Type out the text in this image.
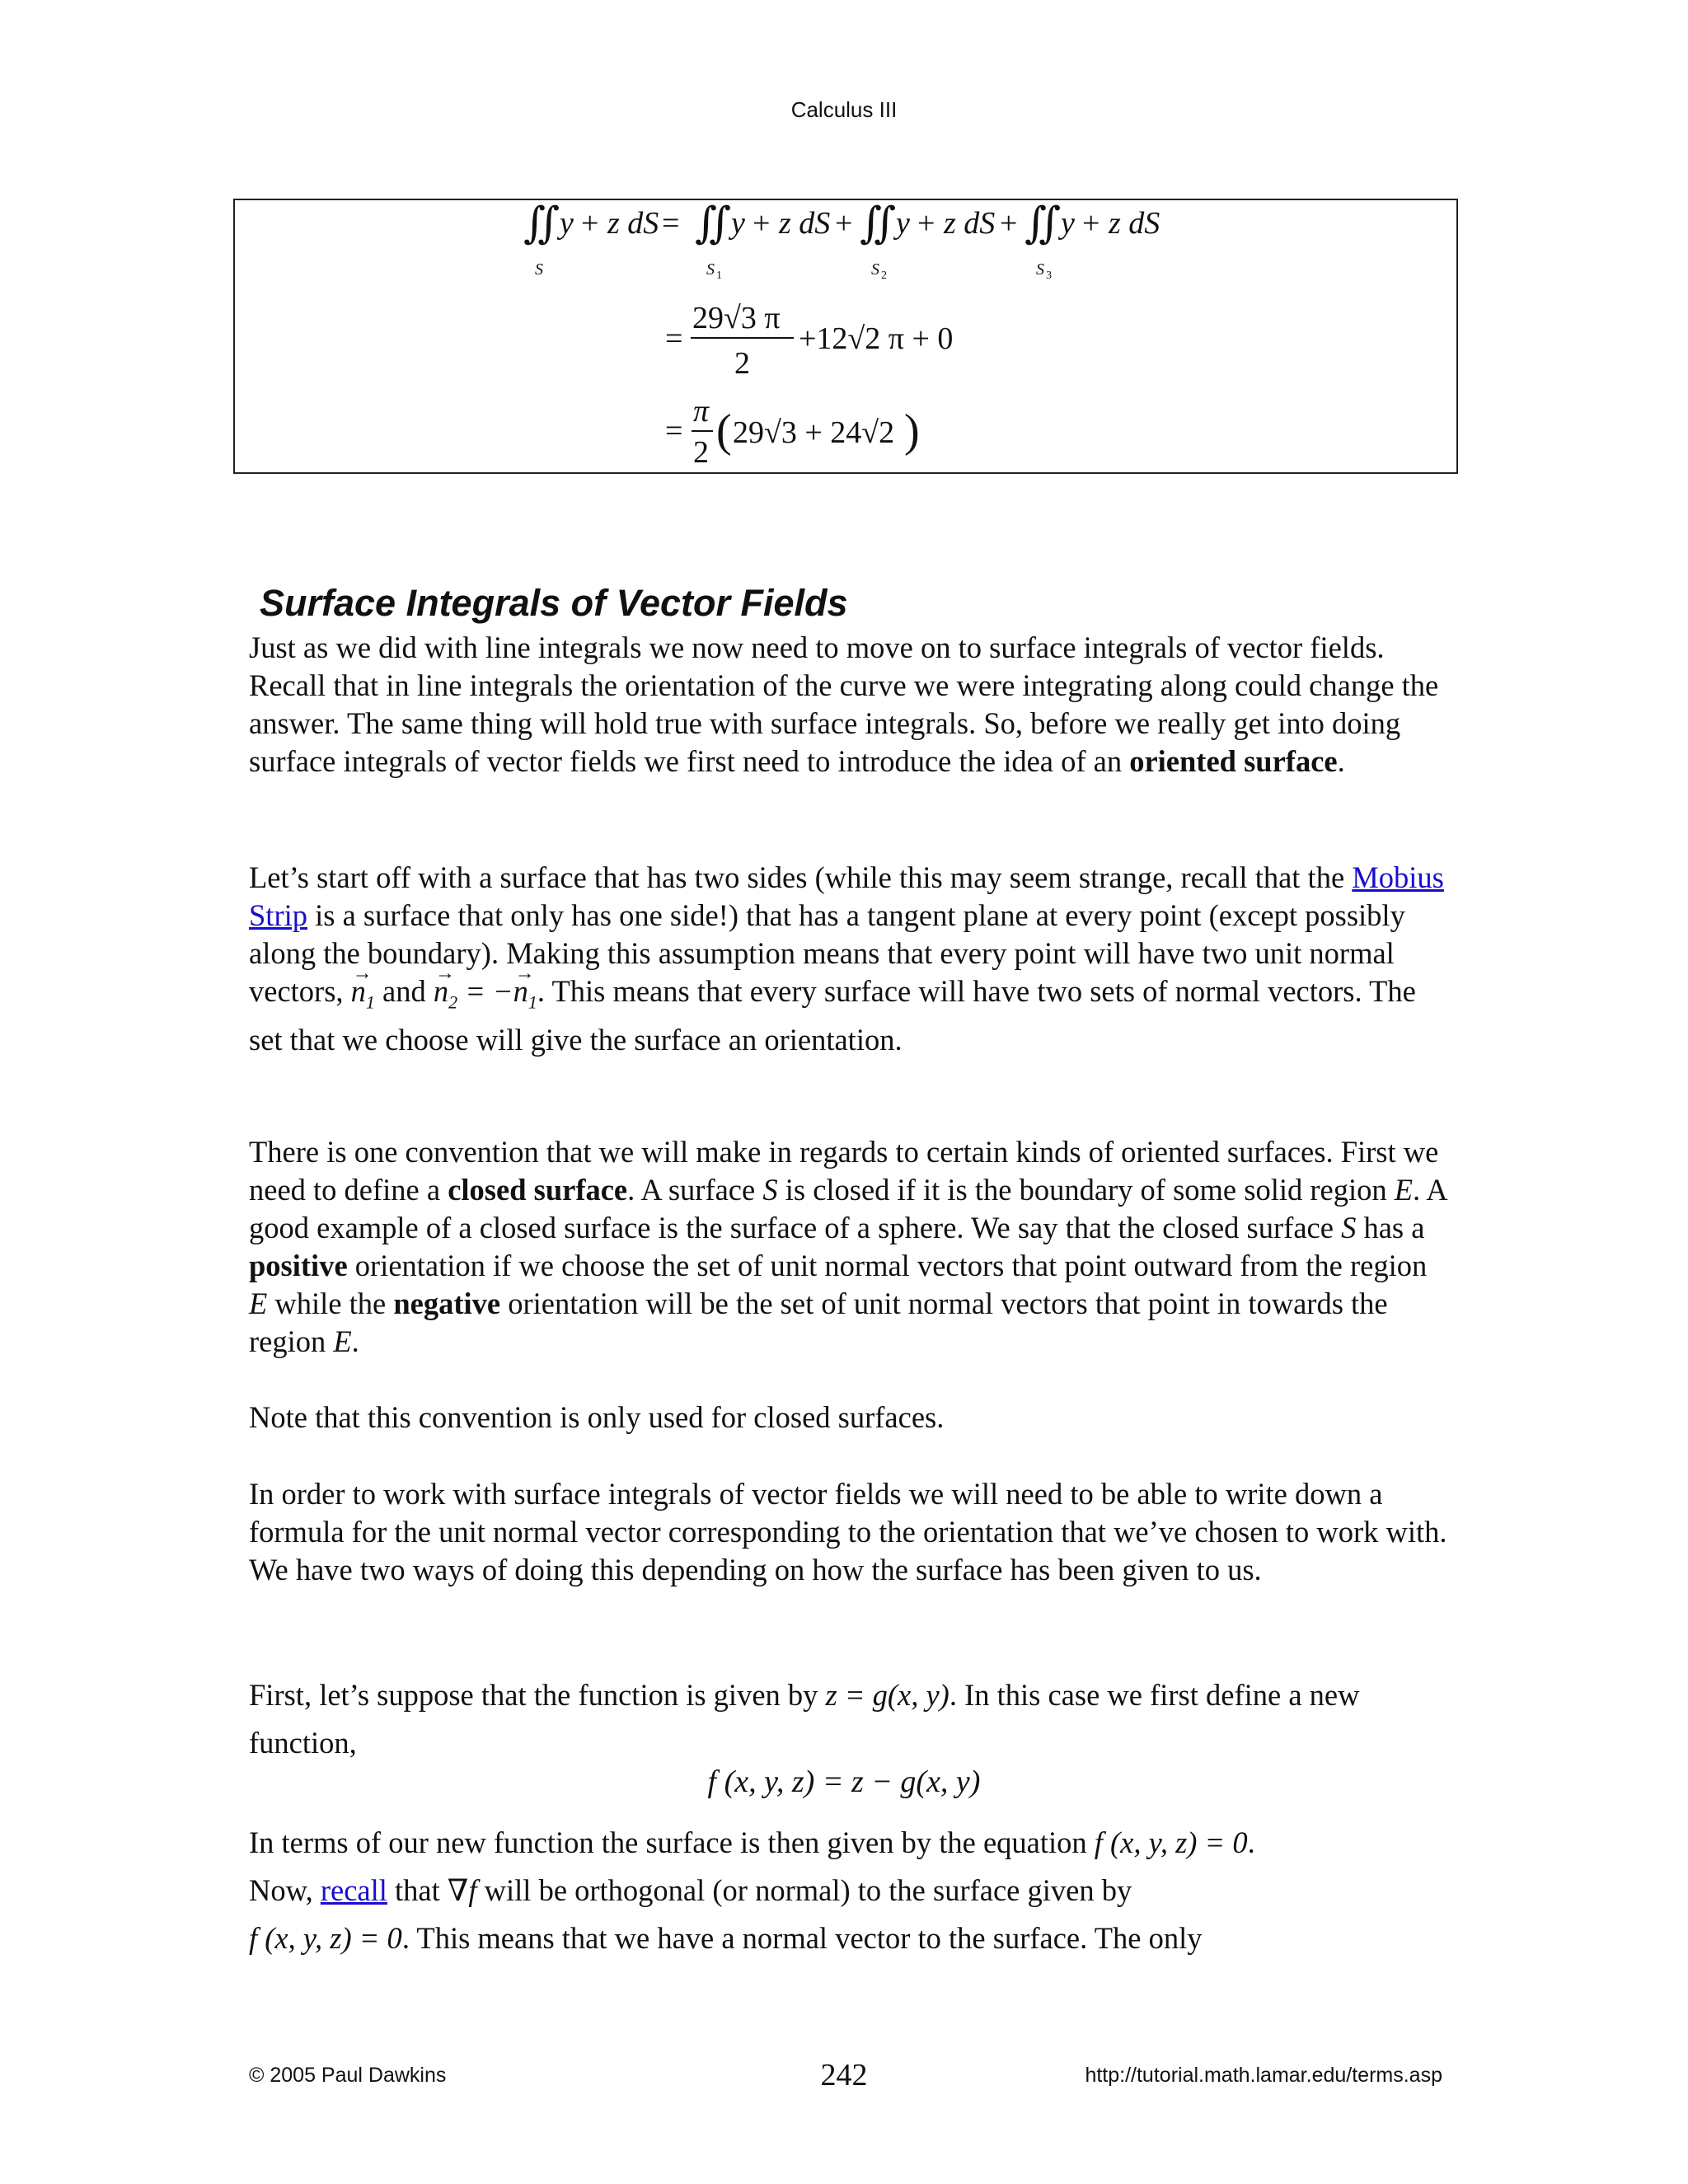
Calculus III
∬
S
y + z dS = ∬
S 1
y + z dS + ∬
S 2
y + z dS + ∬
S 3
y + z dS
=
29√3 π
2
+12√2 π + 0
=
π
2 ( 29√3 + 24√2 )
Surface Integrals of Vector Fields
Just as we did with line integrals we now need to move on to surface integrals of vector fields. Recall that in line integrals the orientation of the curve we were integrating along could change the answer. The same thing will hold true with surface integrals. So, before we really get into doing surface integrals of vector fields we first need to introduce the idea of an oriented surface.
Let’s start off with a surface that has two sides (while this may seem strange, recall that the Mobius Strip is a surface that only has one side!) that has a tangent plane at every point (except possibly along the boundary). Making this assumption means that every point will have two unit normal vectors, → $n_1$ and → $n_2$ = −→ $n_1$. This means that every surface will have two sets of normal vectors. The set that we choose will give the surface an orientation.
There is one convention that we will make in regards to certain kinds of oriented surfaces. First we need to define a closed surface. A surface S is closed if it is the boundary of some solid region E. A good example of a closed surface is the surface of a sphere. We say that the closed surface S has a positive orientation if we choose the set of unit normal vectors that point outward from the region E while the negative orientation will be the set of unit normal vectors that point in towards the region E.
Note that this convention is only used for closed surfaces.
In order to work with surface integrals of vector fields we will need to be able to write down a formula for the unit normal vector corresponding to the orientation that we’ve chosen to work with. We have two ways of doing this depending on how the surface has been given to us.
First, let’s suppose that the function is given by z = g(x, y). In this case we first define a new function,
f (x, y, z) = z − g(x, y)
In terms of our new function the surface is then given by the equation f (x, y, z) = 0.
Now, recall that ∇f will be orthogonal (or normal) to the surface given by
f (x, y, z) = 0. This means that we have a normal vector to the surface. The only
© 2005 Paul Dawkins	242	http://tutorial.math.lamar.edu/terms.asp
